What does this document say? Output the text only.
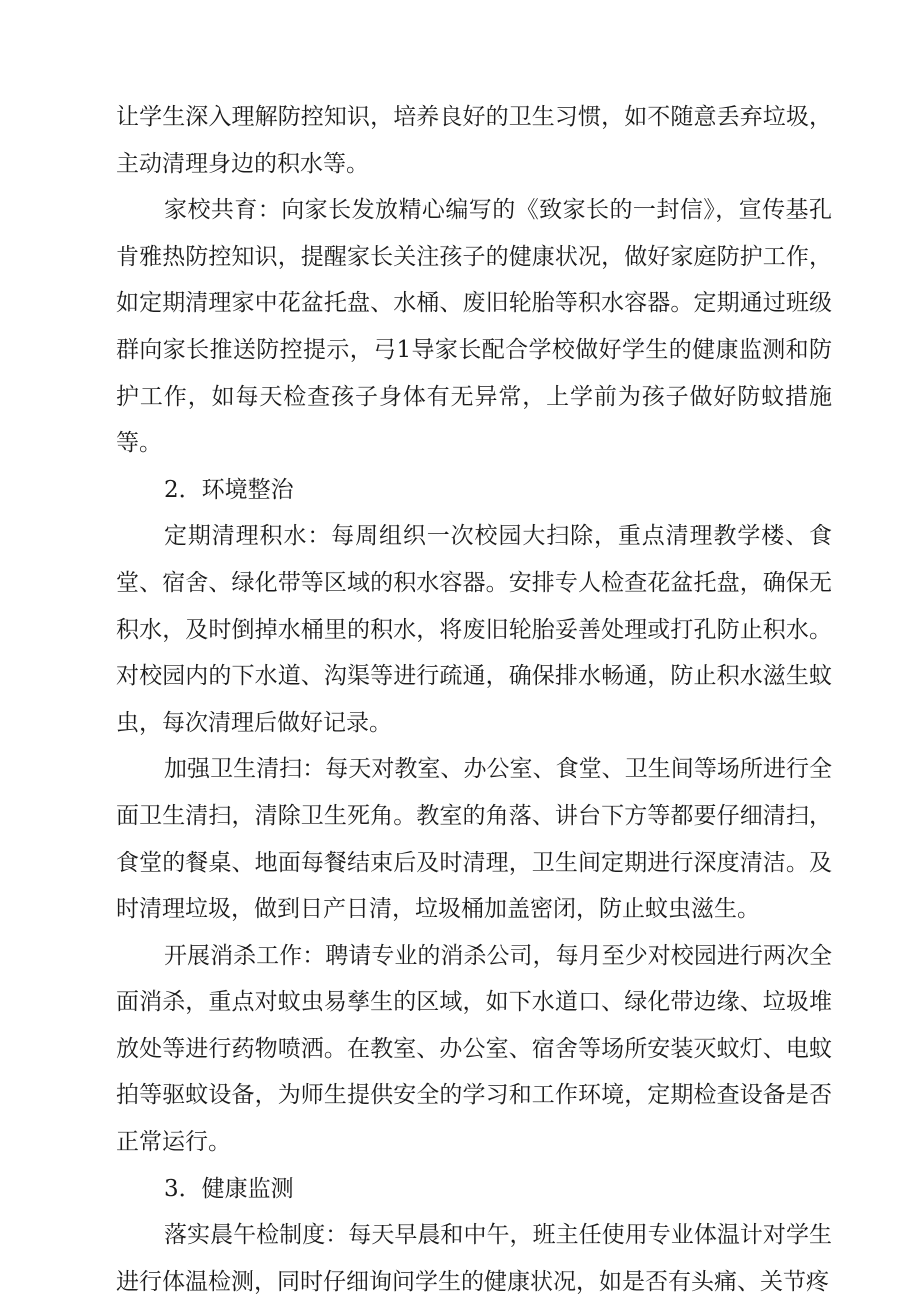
让学生深入理解防控知识，培养良好的卫生习惯，如不随意丢弃垃圾，主动清理身边的积水等。

家校共育：向家长发放精心编写的《致家长的一封信》，宣传基孔肯雅热防控知识，提醒家长关注孩子的健康状况，做好家庭防护工作，如定期清理家中花盆托盘、水桶、废旧轮胎等积水容器。定期通过班级群向家长推送防控提示，弓1导家长配合学校做好学生的健康监测和防护工作，如每天检查孩子身体有无异常，上学前为孩子做好防蚊措施等。

2．环境整治

定期清理积水：每周组织一次校园大扫除，重点清理教学楼、食堂、宿舍、绿化带等区域的积水容器。安排专人检查花盆托盘，确保无积水，及时倒掉水桶里的积水，将废旧轮胎妥善处理或打孔防止积水。对校园内的下水道、沟渠等进行疏通，确保排水畅通，防止积水滋生蚊虫，每次清理后做好记录。

加强卫生清扫：每天对教室、办公室、食堂、卫生间等场所进行全面卫生清扫，清除卫生死角。教室的角落、讲台下方等都要仔细清扫，食堂的餐桌、地面每餐结束后及时清理，卫生间定期进行深度清洁。及时清理垃圾，做到日产日清，垃圾桶加盖密闭，防止蚊虫滋生。

开展消杀工作：聘请专业的消杀公司，每月至少对校园进行两次全面消杀，重点对蚊虫易孳生的区域，如下水道口、绿化带边缘、垃圾堆放处等进行药物喷洒。在教室、办公室、宿舍等场所安装灭蚊灯、电蚊拍等驱蚊设备，为师生提供安全的学习和工作环境，定期检查设备是否正常运行。

3．健康监测

落实晨午检制度：每天早晨和中午，班主任使用专业体温计对学生进行体温检测，同时仔细询问学生的健康状况，如是否有头痛、关节疼
